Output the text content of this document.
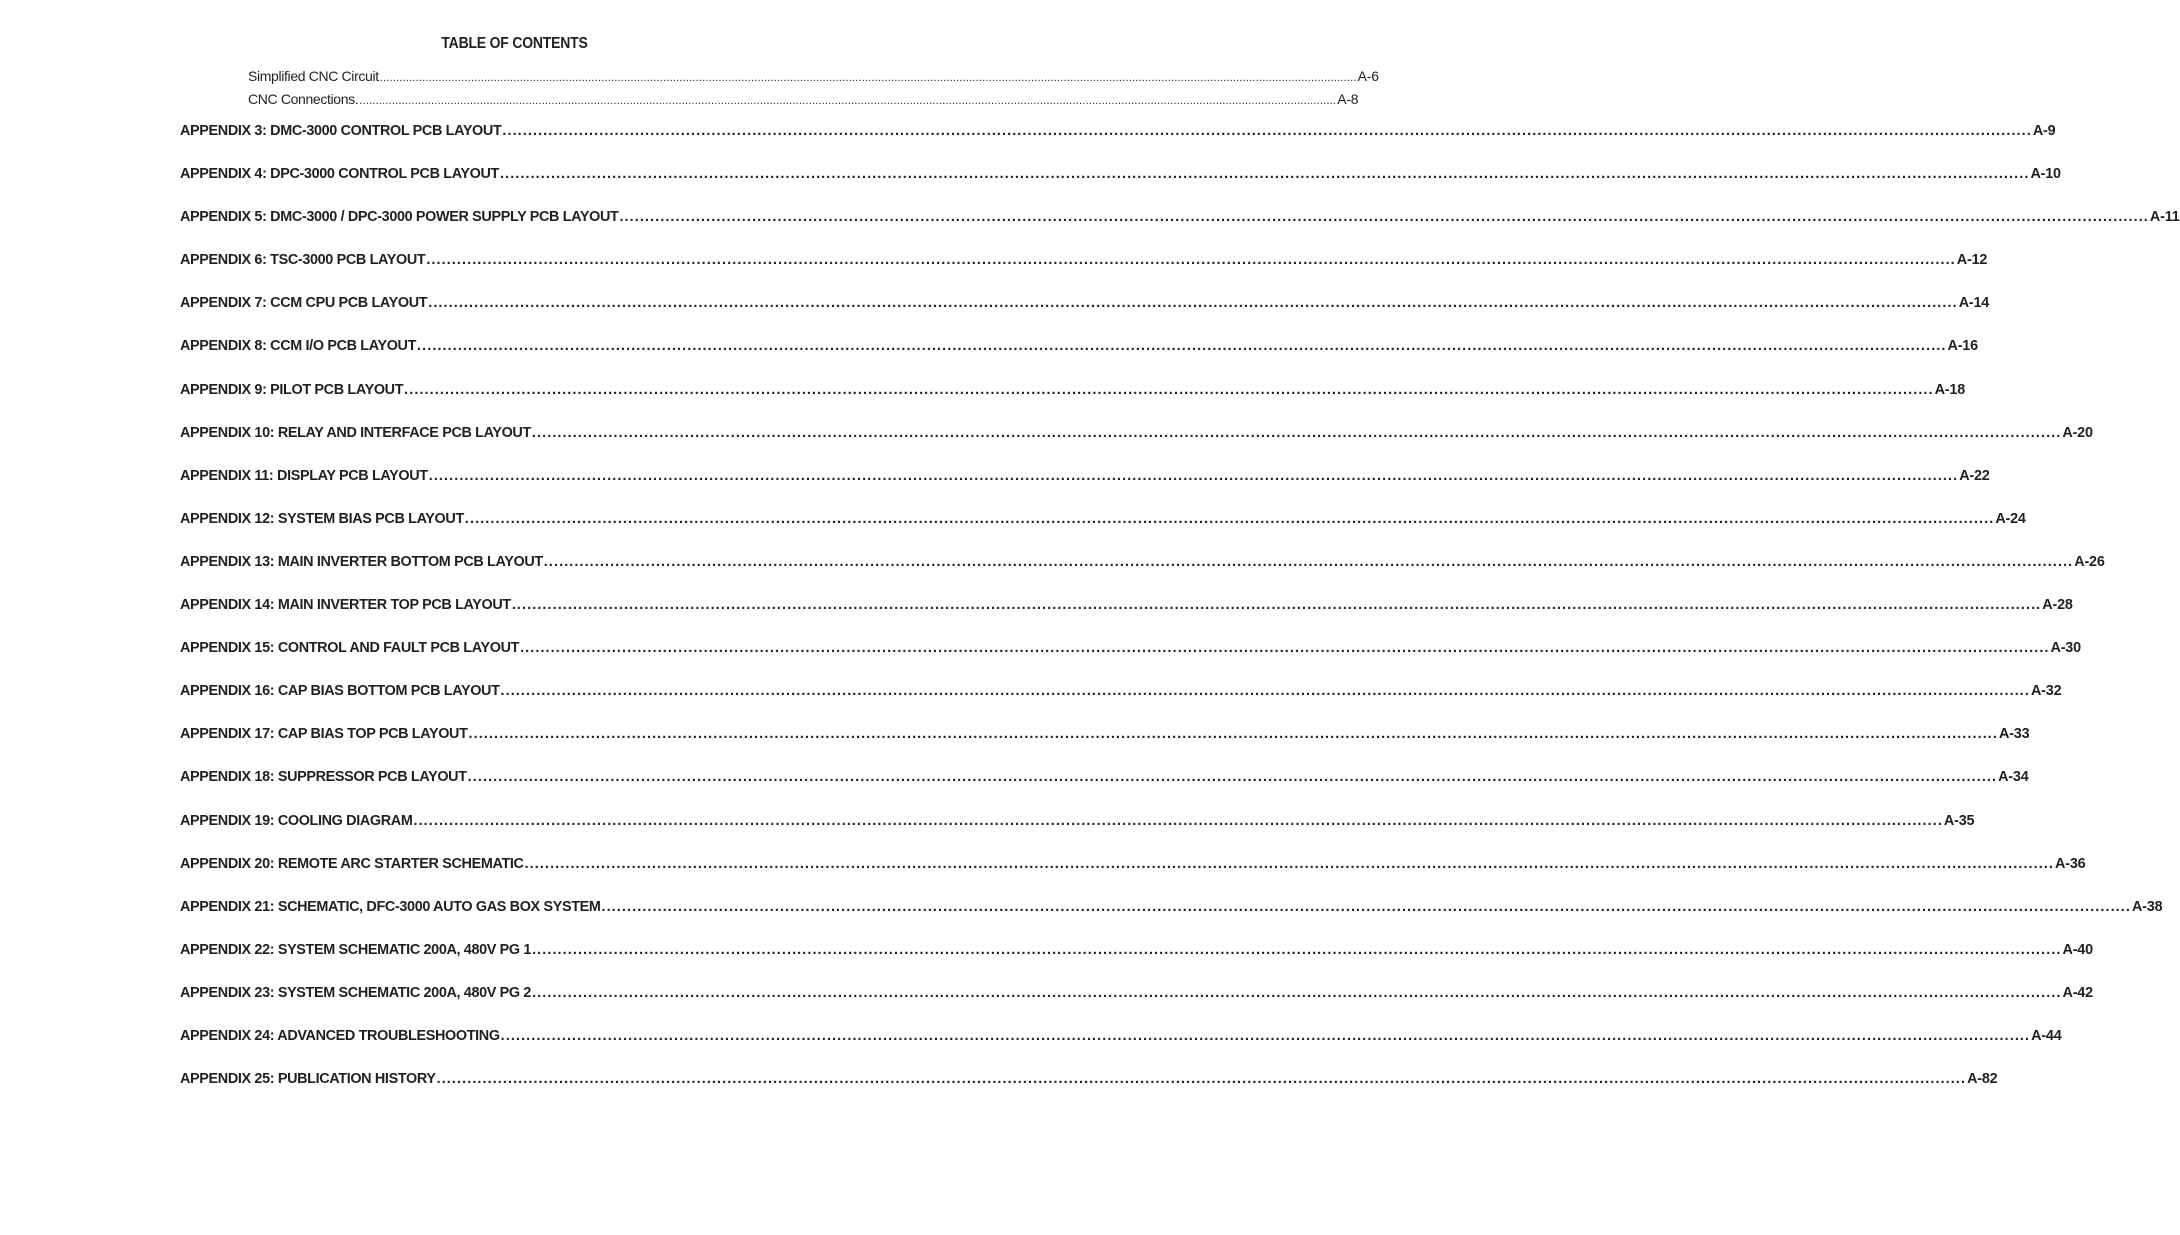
TABLE OF CONTENTS
Simplified CNC Circuit ............................................................................................................................................................................................................................................................................................................ A-6
CNC Connections. ............................................................................................................................................................................................................................................................................................................ A-8
APPENDIX 3: DMC-3000 CONTROL PCB LAYOUT ............................................................................................................................................................................................................................................................................................................ A-9
APPENDIX 4: DPC-3000 CONTROL PCB LAYOUT ............................................................................................................................................................................................................................................................................................................ A-10
APPENDIX 5: DMC-3000 / DPC-3000 POWER SUPPLY PCB LAYOUT ............................................................................................................................................................................................................................................................................................................ A-11
APPENDIX 6: TSC-3000 PCB LAYOUT ............................................................................................................................................................................................................................................................................................................ A-12
APPENDIX 7: CCM CPU PCB LAYOUT ............................................................................................................................................................................................................................................................................................................ A-14
APPENDIX 8: CCM I/O PCB LAYOUT ............................................................................................................................................................................................................................................................................................................ A-16
APPENDIX 9: PILOT PCB LAYOUT ............................................................................................................................................................................................................................................................................................................ A-18
APPENDIX 10: RELAY AND INTERFACE PCB LAYOUT ............................................................................................................................................................................................................................................................................................................ A-20
APPENDIX 11: DISPLAY PCB LAYOUT ............................................................................................................................................................................................................................................................................................................ A-22
APPENDIX 12: SYSTEM BIAS PCB LAYOUT ............................................................................................................................................................................................................................................................................................................ A-24
APPENDIX 13: MAIN INVERTER BOTTOM PCB LAYOUT ............................................................................................................................................................................................................................................................................................................ A-26
APPENDIX 14: MAIN INVERTER TOP PCB LAYOUT ............................................................................................................................................................................................................................................................................................................ A-28
APPENDIX 15: CONTROL AND FAULT PCB LAYOUT ............................................................................................................................................................................................................................................................................................................ A-30
APPENDIX 16: CAP BIAS BOTTOM PCB LAYOUT ............................................................................................................................................................................................................................................................................................................ A-32
APPENDIX 17: CAP BIAS TOP PCB LAYOUT ............................................................................................................................................................................................................................................................................................................ A-33
APPENDIX 18: SUPPRESSOR PCB LAYOUT ............................................................................................................................................................................................................................................................................................................ A-34
APPENDIX 19: COOLING DIAGRAM ............................................................................................................................................................................................................................................................................................................ A-35
APPENDIX 20: REMOTE ARC STARTER SCHEMATIC ............................................................................................................................................................................................................................................................................................................ A-36
APPENDIX 21: SCHEMATIC, DFC-3000 AUTO GAS BOX SYSTEM ............................................................................................................................................................................................................................................................................................................ A-38
APPENDIX 22: SYSTEM SCHEMATIC 200A, 480V PG 1 ............................................................................................................................................................................................................................................................................................................ A-40
APPENDIX 23: SYSTEM SCHEMATIC 200A, 480V PG 2 ............................................................................................................................................................................................................................................................................................................ A-42
APPENDIX 24: ADVANCED TROUBLESHOOTING ............................................................................................................................................................................................................................................................................................................ A-44
APPENDIX 25: PUBLICATION HISTORY ............................................................................................................................................................................................................................................................................................................ A-82
